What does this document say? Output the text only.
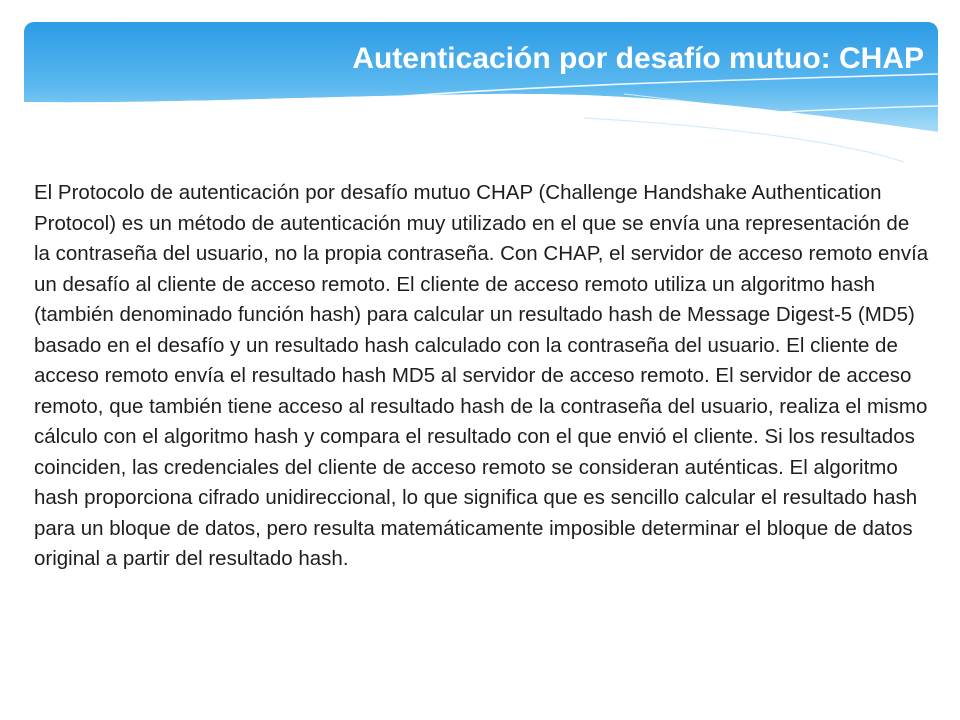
Autenticación por desafío mutuo: CHAP

El Protocolo de autenticación por desafío mutuo CHAP (Challenge Handshake Authentication Protocol) es un método de autenticación muy utilizado en el que se envía una representación de la contraseña del usuario, no la propia contraseña. Con CHAP, el servidor de acceso remoto envía un desafío al cliente de acceso remoto. El cliente de acceso remoto utiliza un algoritmo hash (también denominado función hash) para calcular un resultado hash de Message Digest-5 (MD5) basado en el desafío y un resultado hash calculado con la contraseña del usuario. El cliente de acceso remoto envía el resultado hash MD5 al servidor de acceso remoto. El servidor de acceso remoto, que también tiene acceso al resultado hash de la contraseña del usuario, realiza el mismo cálculo con el algoritmo hash y compara el resultado con el que envió el cliente. Si los resultados coinciden, las credenciales del cliente de acceso remoto se consideran auténticas. El algoritmo hash proporciona cifrado unidireccional, lo que significa que es sencillo calcular el resultado hash para un bloque de datos, pero resulta matemáticamente imposible determinar el bloque de datos original a partir del resultado hash.
